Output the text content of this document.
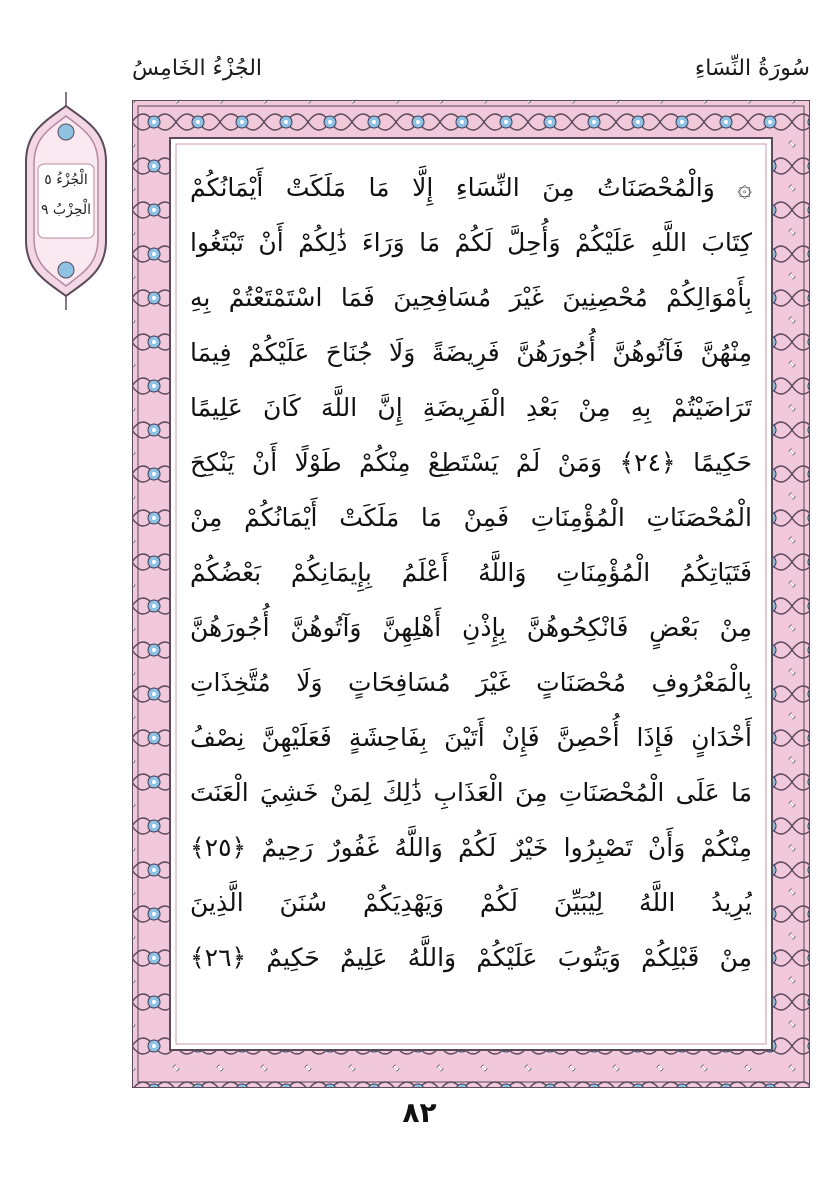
سُورَةُ النِّسَاءِ
الجُزْءُ الخَامِسُ
الْجُزْءُ ٥
الْحِزْبُ ٩
۞ وَالْمُحْصَنَاتُ مِنَ النِّسَاءِ إِلَّا مَا مَلَكَتْ أَيْمَانُكُمْ
كِتَابَ اللَّهِ عَلَيْكُمْ وَأُحِلَّ لَكُمْ مَا وَرَاءَ ذَٰلِكُمْ أَنْ تَبْتَغُوا
بِأَمْوَالِكُمْ مُحْصِنِينَ غَيْرَ مُسَافِحِينَ فَمَا اسْتَمْتَعْتُمْ بِهِ
مِنْهُنَّ فَآتُوهُنَّ أُجُورَهُنَّ فَرِيضَةً وَلَا جُنَاحَ عَلَيْكُمْ فِيمَا
تَرَاضَيْتُمْ بِهِ مِنْ بَعْدِ الْفَرِيضَةِ إِنَّ اللَّهَ كَانَ عَلِيمًا
حَكِيمًا ﴿٢٤﴾ وَمَنْ لَمْ يَسْتَطِعْ مِنْكُمْ طَوْلًا أَنْ يَنْكِحَ
الْمُحْصَنَاتِ الْمُؤْمِنَاتِ فَمِنْ مَا مَلَكَتْ أَيْمَانُكُمْ مِنْ
فَتَيَاتِكُمُ الْمُؤْمِنَاتِ وَاللَّهُ أَعْلَمُ بِإِيمَانِكُمْ بَعْضُكُمْ
مِنْ بَعْضٍ فَانْكِحُوهُنَّ بِإِذْنِ أَهْلِهِنَّ وَآتُوهُنَّ أُجُورَهُنَّ
بِالْمَعْرُوفِ مُحْصَنَاتٍ غَيْرَ مُسَافِحَاتٍ وَلَا مُتَّخِذَاتِ
أَخْدَانٍ فَإِذَا أُحْصِنَّ فَإِنْ أَتَيْنَ بِفَاحِشَةٍ فَعَلَيْهِنَّ نِصْفُ
مَا عَلَى الْمُحْصَنَاتِ مِنَ الْعَذَابِ ذَٰلِكَ لِمَنْ خَشِيَ الْعَنَتَ
مِنْكُمْ وَأَنْ تَصْبِرُوا خَيْرٌ لَكُمْ وَاللَّهُ غَفُورٌ رَحِيمٌ ﴿٢٥﴾
يُرِيدُ اللَّهُ لِيُبَيِّنَ لَكُمْ وَيَهْدِيَكُمْ سُنَنَ الَّذِينَ
مِنْ قَبْلِكُمْ وَيَتُوبَ عَلَيْكُمْ وَاللَّهُ عَلِيمٌ حَكِيمٌ ﴿٢٦﴾
٨٢
